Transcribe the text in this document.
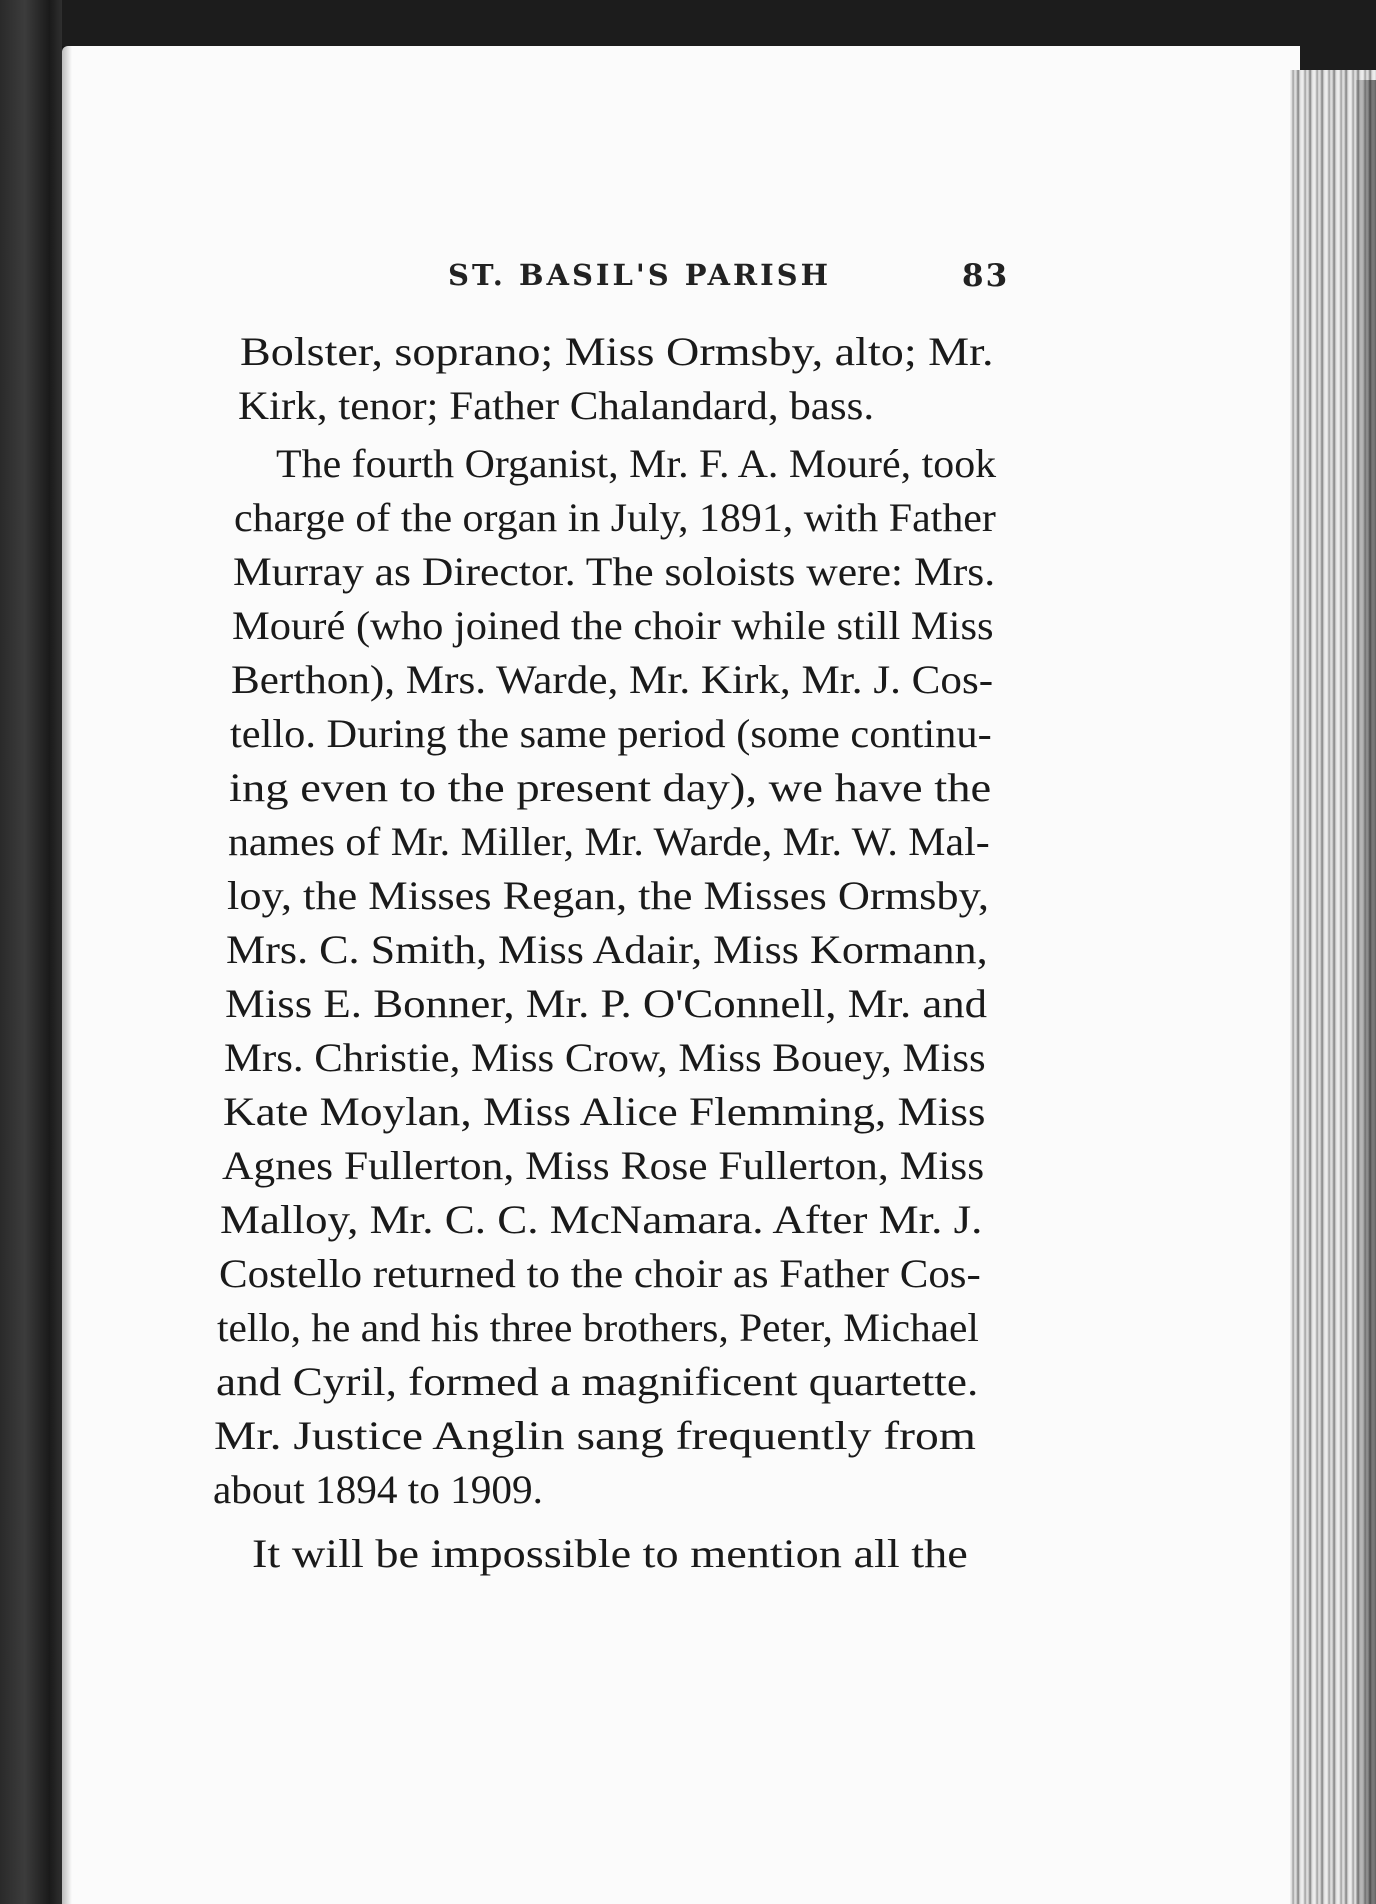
ST. BASIL'S PARISH	83
Bolster, soprano; Miss Ormsby, alto; Mr.
Kirk, tenor; Father Chalandard, bass.
The fourth Organist, Mr. F. A. Mouré, took
charge of the organ in July, 1891, with Father
Murray as Director. The soloists were: Mrs.
Mouré (who joined the choir while still Miss
Berthon), Mrs. Warde, Mr. Kirk, Mr. J. Cos-
tello. During the same period (some continu-
ing even to the present day), we have the
names of Mr. Miller, Mr. Warde, Mr. W. Mal-
loy, the Misses Regan, the Misses Ormsby,
Mrs. C. Smith, Miss Adair, Miss Kormann,
Miss E. Bonner, Mr. P. O'Connell, Mr. and
Mrs. Christie, Miss Crow, Miss Bouey, Miss
Kate Moylan, Miss Alice Flemming, Miss
Agnes Fullerton, Miss Rose Fullerton, Miss
Malloy, Mr. C. C. McNamara. After Mr. J.
Costello returned to the choir as Father Cos-
tello, he and his three brothers, Peter, Michael
and Cyril, formed a magnificent quartette.
Mr. Justice Anglin sang frequently from
about 1894 to 1909.
It will be impossible to mention all the
